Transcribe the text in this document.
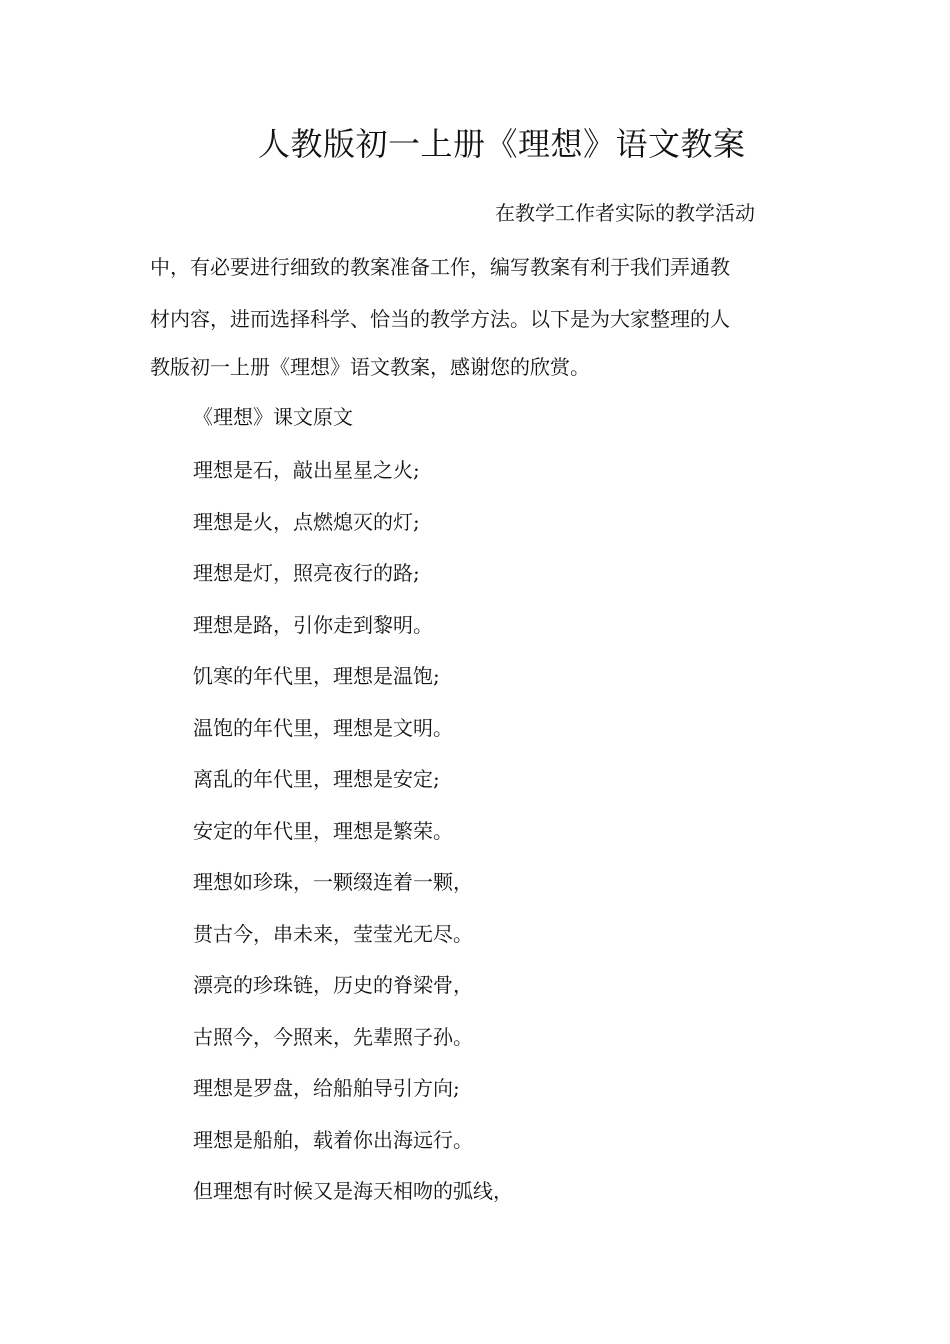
人教版初一上册《理想》语文教案
在教学工作者实际的教学活动
中，有必要进行细致的教案准备工作，编写教案有利于我们弄通教
材内容，进而选择科学、恰当的教学方法。以下是为大家整理的人
教版初一上册《理想》语文教案，感谢您的欣赏。
《理想》课文原文
理想是石，敲出星星之火;
理想是火，点燃熄灭的灯;
理想是灯，照亮夜行的路;
理想是路，引你走到黎明。
饥寒的年代里，理想是温饱;
温饱的年代里，理想是文明。
离乱的年代里，理想是安定;
安定的年代里，理想是繁荣。
理想如珍珠，一颗缀连着一颗，
贯古今，串未来，莹莹光无尽。
漂亮的珍珠链，历史的脊梁骨，
古照今，今照来，先辈照子孙。
理想是罗盘，给船舶导引方向;
理想是船舶，载着你出海远行。
但理想有时候又是海天相吻的弧线，
